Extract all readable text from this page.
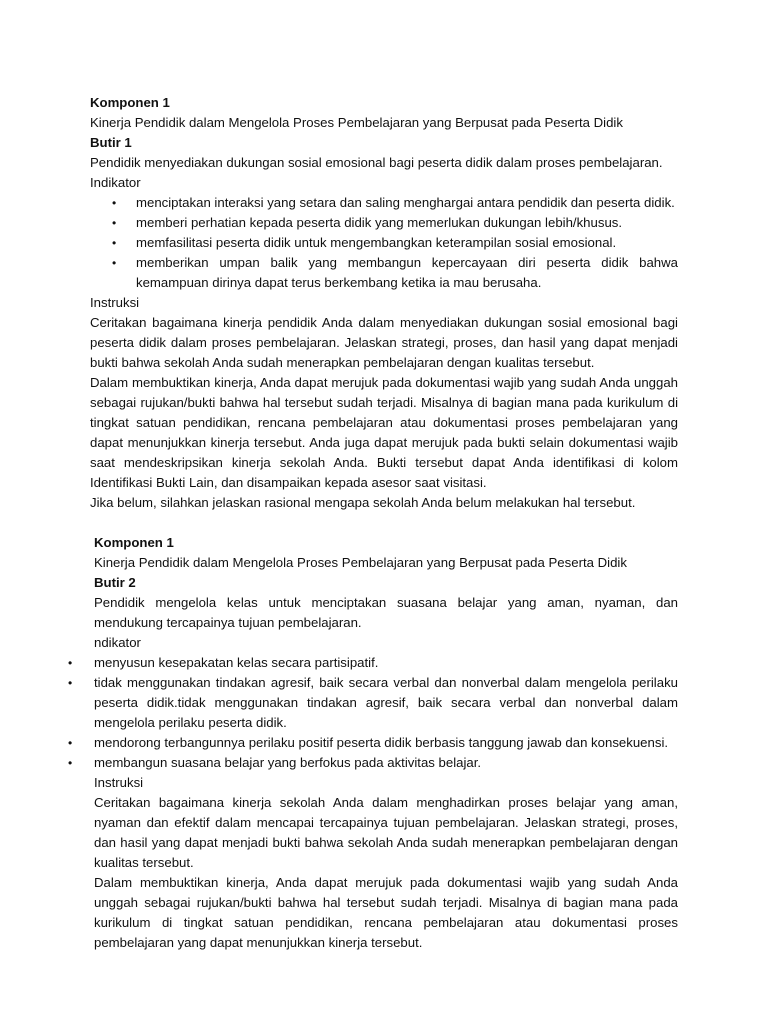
Komponen 1

Kinerja Pendidik dalam Mengelola Proses Pembelajaran yang Berpusat pada Peserta Didik

Butir 1

Pendidik menyediakan dukungan sosial emosional bagi peserta didik dalam proses pembelajaran.

Indikator

• menciptakan interaksi yang setara dan saling menghargai antara pendidik dan peserta didik.
• memberi perhatian kepada peserta didik yang memerlukan dukungan lebih/khusus.
• memfasilitasi peserta didik untuk mengembangkan keterampilan sosial emosional.
• memberikan umpan balik yang membangun kepercayaan diri peserta didik bahwa kemampuan dirinya dapat terus berkembang ketika ia mau berusaha.

Instruksi

Ceritakan bagaimana kinerja pendidik Anda dalam menyediakan dukungan sosial emosional bagi peserta didik dalam proses pembelajaran. Jelaskan strategi, proses, dan hasil yang dapat menjadi bukti bahwa sekolah Anda sudah menerapkan pembelajaran dengan kualitas tersebut.

Dalam membuktikan kinerja, Anda dapat merujuk pada dokumentasi wajib yang sudah Anda unggah sebagai rujukan/bukti bahwa hal tersebut sudah terjadi. Misalnya di bagian mana pada kurikulum di tingkat satuan pendidikan, rencana pembelajaran atau dokumentasi proses pembelajaran yang dapat menunjukkan kinerja tersebut. Anda juga dapat merujuk pada bukti selain dokumentasi wajib saat mendeskripsikan kinerja sekolah Anda. Bukti tersebut dapat Anda identifikasi di kolom Identifikasi Bukti Lain, dan disampaikan kepada asesor saat visitasi.

Jika belum, silahkan jelaskan rasional mengapa sekolah Anda belum melakukan hal tersebut.

Komponen 1

Kinerja Pendidik dalam Mengelola Proses Pembelajaran yang Berpusat pada Peserta Didik

Butir 2

Pendidik mengelola kelas untuk menciptakan suasana belajar yang aman, nyaman, dan mendukung tercapainya tujuan pembelajaran.

ndikator

• menyusun kesepakatan kelas secara partisipatif.
• tidak menggunakan tindakan agresif, baik secara verbal dan nonverbal dalam mengelola perilaku peserta didik.tidak menggunakan tindakan agresif, baik secara verbal dan nonverbal dalam mengelola perilaku peserta didik.
• mendorong terbangunnya perilaku positif peserta didik berbasis tanggung jawab dan konsekuensi.
• membangun suasana belajar yang berfokus pada aktivitas belajar.

Instruksi

Ceritakan bagaimana kinerja sekolah Anda dalam menghadirkan proses belajar yang aman, nyaman dan efektif dalam mencapai tercapainya tujuan pembelajaran. Jelaskan strategi, proses, dan hasil yang dapat menjadi bukti bahwa sekolah Anda sudah menerapkan pembelajaran dengan kualitas tersebut.

Dalam membuktikan kinerja, Anda dapat merujuk pada dokumentasi wajib yang sudah Anda unggah sebagai rujukan/bukti bahwa hal tersebut sudah terjadi. Misalnya di bagian mana pada kurikulum di tingkat satuan pendidikan, rencana pembelajaran atau dokumentasi proses pembelajaran yang dapat menunjukkan kinerja tersebut.
